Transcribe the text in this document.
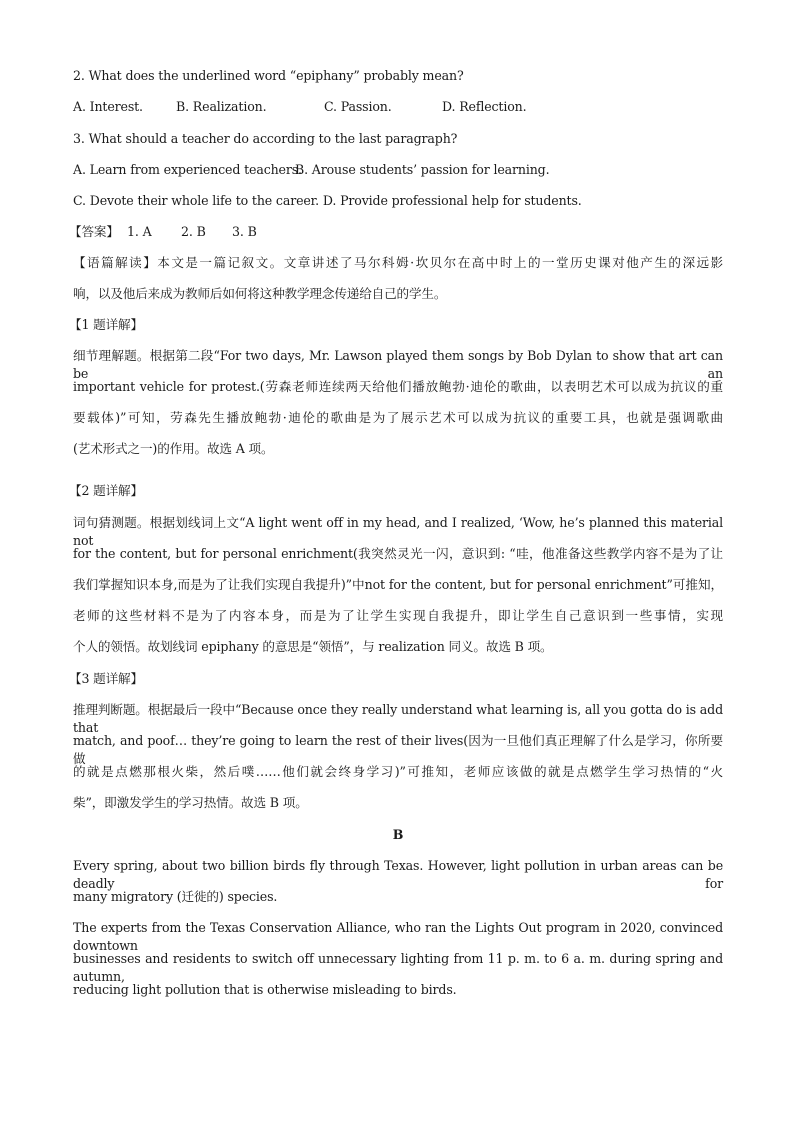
2. What does the underlined word “epiphany” probably mean?
A. Interest.	B. Realization.	C. Passion.	D. Reflection.
3. What should a teacher do according to the last paragraph?
A. Learn from experienced teachers.
B. Arouse students’ passion for learning.
C. Devote their whole life to the career. D. Provide professional help for students.
【答案】 1. A 2. B 3. B
【语篇解读】本文是一篇记叙文。文章讲述了马尔科姆·坎贝尔在高中时上的一堂历史课对他产生的深远影
响，以及他后来成为教师后如何将这种教学理念传递给自己的学生。
【1 题详解】
细节理解题。根据第二段“For two days, Mr. Lawson played them songs by Bob Dylan to show that art can be an
important vehicle for protest.(劳森老师连续两天给他们播放鲍勃·迪伦的歌曲，以表明艺术可以成为抗议的重
要载体)”可知，劳森先生播放鲍勃·迪伦的歌曲是为了展示艺术可以成为抗议的重要工具，也就是强调歌曲
(艺术形式之一)的作用。故选 A 项。
【2 题详解】
词句猜测题。根据划线词上文“A light went off in my head, and I realized, ‘Wow, he’s planned this material not
for the content, but for personal enrichment(我突然灵光一闪，意识到: “哇，他准备这些教学内容不是为了让
我们掌握知识本身,而是为了让我们实现自我提升)”中not for the content, but for personal enrichment”可推知，
老师的这些材料不是为了内容本身，而是为了让学生实现自我提升，即让学生自己意识到一些事情，实现
个人的领悟。故划线词 epiphany 的意思是“领悟”，与 realization 同义。故选 B 项。
【3 题详解】
推理判断题。根据最后一段中“Because once they really understand what learning is, all you gotta do is add that
match, and poof… they’re going to learn the rest of their lives(因为一旦他们真正理解了什么是学习，你所要做
的就是点燃那根火柴，然后噗……他们就会终身学习)”可推知，老师应该做的就是点燃学生学习热情的“火
柴”，即激发学生的学习热情。故选 B 项。
B
Every spring, about two billion birds fly through Texas. However, light pollution in urban areas can be deadly for
many migratory (迁徙的) species.
The experts from the Texas Conservation Alliance, who ran the Lights Out program in 2020, convinced downtown
businesses and residents to switch off unnecessary lighting from 11 p. m. to 6 a. m. during spring and autumn,
reducing light pollution that is otherwise misleading to birds.
